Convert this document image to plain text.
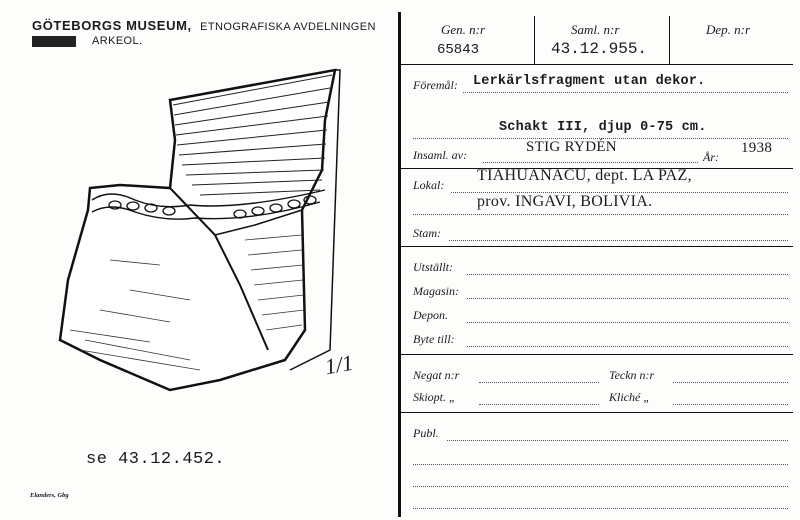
GÖTEBORGS MUSEUM, ETNOGRAFISKA AVDELNINGEN
ARKEOL.
1/1
se 43.12.452.
Elanders, Gbg
Gen. n:r
65843
Saml. n:r
43.12.955.
Dep. n:r
Föremål: Lerkärlsfragment utan dekor.
Schakt III, djup 0-75 cm.
Insaml. av:	STIG RYDÉN
År:
1938
Lokal:
TIAHUANACU, dept. LA PAZ,
prov. INGAVI, BOLIVIA.
Stam:
Utställt:
Magasin:
Depon.
Byte till:
Negat n:r	Teckn n:r
Skiopt. „	Kliché „
Publ.
